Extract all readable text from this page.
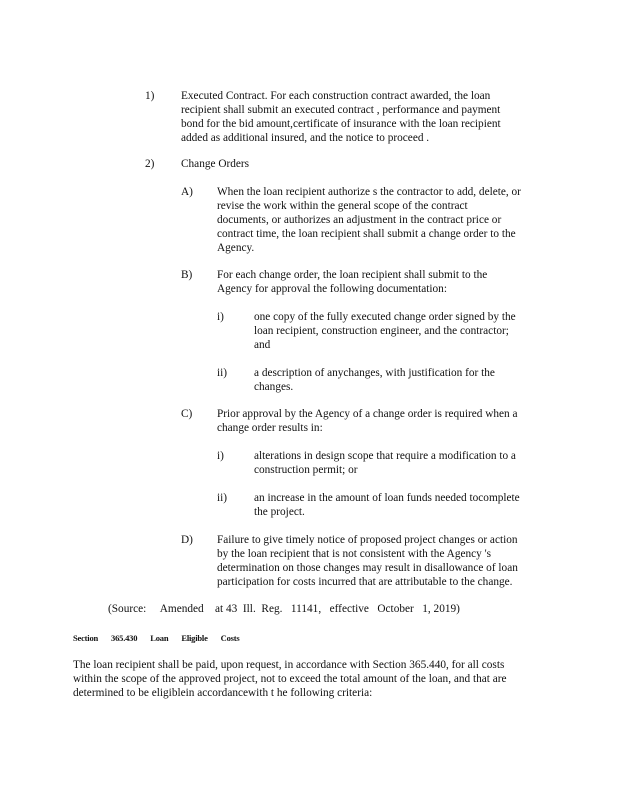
1) Executed Contract. For each construction contract awarded, the loan
recipient shall submit an executed contract , performance and payment
bond for the bid amount,certificate of insurance with the loan recipient
added as additional insured, and the notice to proceed .
2) Change Orders
A) When the loan recipient authorize s the contractor to add, delete, or
revise the work within the general scope of the contract
documents, or authorizes an adjustment in the contract price or
contract time, the loan recipient shall submit a change order to the
Agency.
B) For each change order, the loan recipient shall submit to the
Agency for approval the following documentation:
i)	one copy of the fully executed change order signed by the
loan recipient, construction engineer, and the contractor;
and
ii) a description of anychanges, with justification for the
changes.
C) Prior approval by the Agency of a change order is required when a
change order results in:
i)	alterations in design scope that require a modification to a
construction permit; or
ii) an increase in the amount of loan funds needed tocomplete
the project.
D) Failure to give timely notice of proposed project changes or action
by the loan recipient that is not consistent with the Agency 's
determination on those changes may result in disallowance of loan
participation for costs incurred that are attributable to the change.
(Source:     Amended    at 43  Ill.  Reg.   11141,   effective   October   1, 2019)
Section 365.430 Loan Eligible Costs
The loan recipient shall be paid, upon request, in accordance with Section 365.440, for all costs
within the scope of the approved project, not to exceed the total amount of the loan, and that are
determined to be eligiblein accordancewith t he following criteria:
